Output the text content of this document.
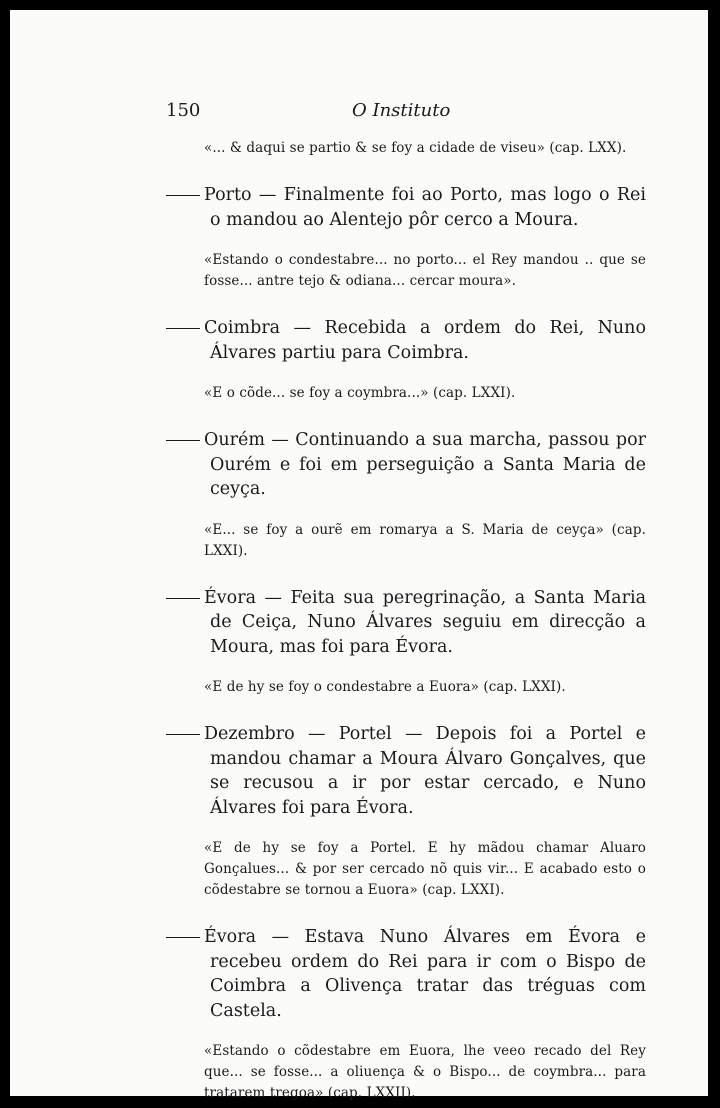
150	O Instituto

«... & daqui se partio & se foy a cidade de viseu» (cap. LXX).

Porto — Finalmente foi ao Porto, mas logo o Rei o mandou ao Alentejo pôr cerco a Moura.

«Estando o condestabre... no porto... el Rey mandou .. que se fosse... antre tejo & odiana... cercar moura».

Coimbra — Recebida a ordem do Rei, Nuno Álvares partiu para Coimbra.

«E o cõde... se foy a coymbra...» (cap. LXXI).

Ourém — Continuando a sua marcha, passou por Ourém e foi em perseguição a Santa Maria de ceyça.

«E... se foy a ourẽ em romarya a S. Maria de ceyça» (cap. LXXI).

Évora — Feita sua peregrinação, a Santa Maria de Ceiça, Nuno Álvares seguiu em direcção a Moura, mas foi para Évora.

«E de hy se foy o condestabre a Euora» (cap. LXXI).

Dezembro — Portel — Depois foi a Portel e mandou chamar a Moura Álvaro Gonçalves, que se recusou a ir por estar cercado, e Nuno Álvares foi para Évora.

«E de hy se foy a Portel. E hy mãdou chamar Aluaro Gonçalues... & por ser cercado nõ quis vir... E acabado esto o cõdestabre se tornou a Euora» (cap. LXXI).

Évora — Estava Nuno Álvares em Évora e recebeu ordem do Rei para ir com o Bispo de Coimbra a Olivença tratar das tréguas com Castela.

«Estando o cõdestabre em Euora, lhe veeo recado del Rey que... se fosse... a oliuença & o Bispo... de coymbra... para tratarem tregoa» (cap. LXXII).
